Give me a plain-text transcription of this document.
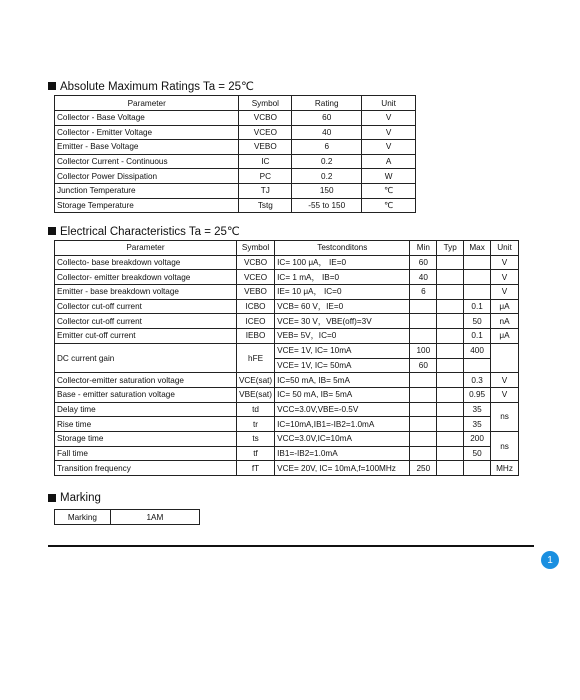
Absolute Maximum Ratings Ta = 25℃
Parameter	Symbol	Rating	Unit
Collector - Base Voltage	VCBO	60	V
Collector - Emitter Voltage	VCEO	40	V
Emitter - Base Voltage	VEBO	6	V
Collector Current - Continuous	IC	0.2	A
Collector Power Dissipation	PC	0.2	W
Junction Temperature	TJ	150	℃
Storage Temperature	Tstg	-55 to 150	℃
Electrical Characteristics Ta = 25℃
Parameter	Symbol	Testconditons	Min	Typ	Max	Unit
Collecto- base breakdown voltage	VCBO	IC= 100 μA， IE=0	60			V
Collector- emitter breakdown voltage	VCEO	IC= 1 mA， IB=0	40			V
Emitter - base breakdown voltage	VEBO	IE= 10 μA， IC=0	6			V
Collector cut-off current	ICBO	VCB= 60 V，IE=0			0.1	μA
Collector cut-off current	ICEO	VCE= 30 V，VBE(off)=3V			50	nA
Emitter cut-off current	IEBO	VEB= 5V，IC=0			0.1	μA
DC current gain	hFE	VCE= 1V, IC= 10mA	100		400	
		VCE= 1V, IC= 50mA	60			
Collector-emitter saturation voltage	VCE(sat)	IC=50 mA, IB= 5mA			0.3	V
Base - emitter saturation voltage	VBE(sat)	IC= 50 mA, IB= 5mA			0.95	V
Delay time	td	VCC=3.0V,VBE=-0.5V			35	ns
Rise time	tr	IC=10mA,IB1=-IB2=1.0mA			35	
Storage time	ts	VCC=3.0V,IC=10mA			200	ns
Fall time	tf	IB1=-IB2=1.0mA			50	
Transition frequency	fT	VCE= 20V, IC= 10mA,f=100MHz	250			MHz
Marking
Marking	1AM
1
